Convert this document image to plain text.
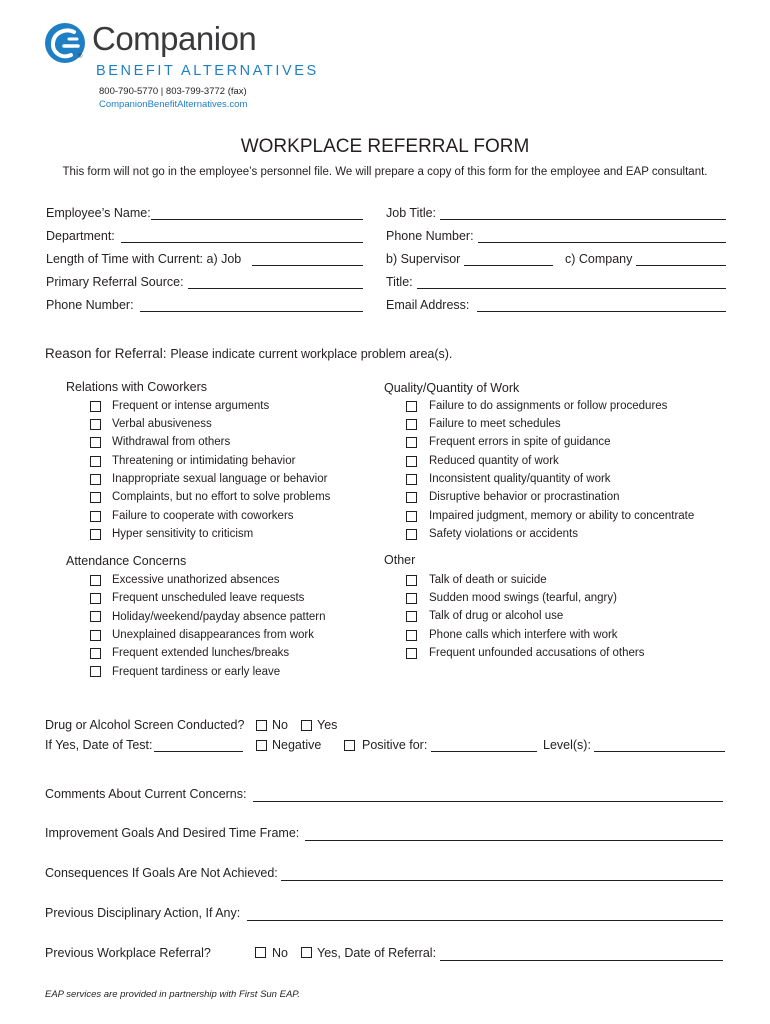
® Companion
BENEFIT ALTERNATIVES
800-790-5770 | 803-799-3772 (fax)
CompanionBenefitAlternatives.com
WORKPLACE REFERRAL FORM
This form will not go in the employee’s personnel file. We will prepare a copy of this form for the employee and EAP consultant.
Employee’s Name:	Job Title:
Department:	Phone Number:
Length of Time with Current: a) Job	b) Supervisor	c) Company
Primary Referral Source:	Title:
Phone Number:	Email Address:
Reason for Referral: Please indicate current workplace problem area(s).
Relations with Coworkers
Frequent or intense arguments
Verbal abusiveness
Withdrawal from others
Threatening or intimidating behavior
Inappropriate sexual language or behavior
Complaints, but no effort to solve problems
Failure to cooperate with coworkers
Hyper sensitivity to criticism
Quality/Quantity of Work
Failure to do assignments or follow procedures
Failure to meet schedules
Frequent errors in spite of guidance
Reduced quantity of work
Inconsistent quality/quantity of work
Disruptive behavior or procrastination
Impaired judgment, memory or ability to concentrate
Safety violations or accidents
Attendance Concerns
Excessive unathorized absences
Frequent unscheduled leave requests
Holiday/weekend/payday absence pattern
Unexplained disappearances from work
Frequent extended lunches/breaks
Frequent tardiness or early leave
Other
Talk of death or suicide
Sudden mood swings (tearful, angry)
Talk of drug or alcohol use
Phone calls which interfere with work
Frequent unfounded accusations of others
Drug or Alcohol Screen Conducted? No Yes
If Yes, Date of Test:	Negative	Positive for:	Level(s):
Comments About Current Concerns:
Improvement Goals And Desired Time Frame:
Consequences If Goals Are Not Achieved:
Previous Disciplinary Action, If Any:
Previous Workplace Referral?	No Yes, Date of Referral:
EAP services are provided in partnership with First Sun EAP.
